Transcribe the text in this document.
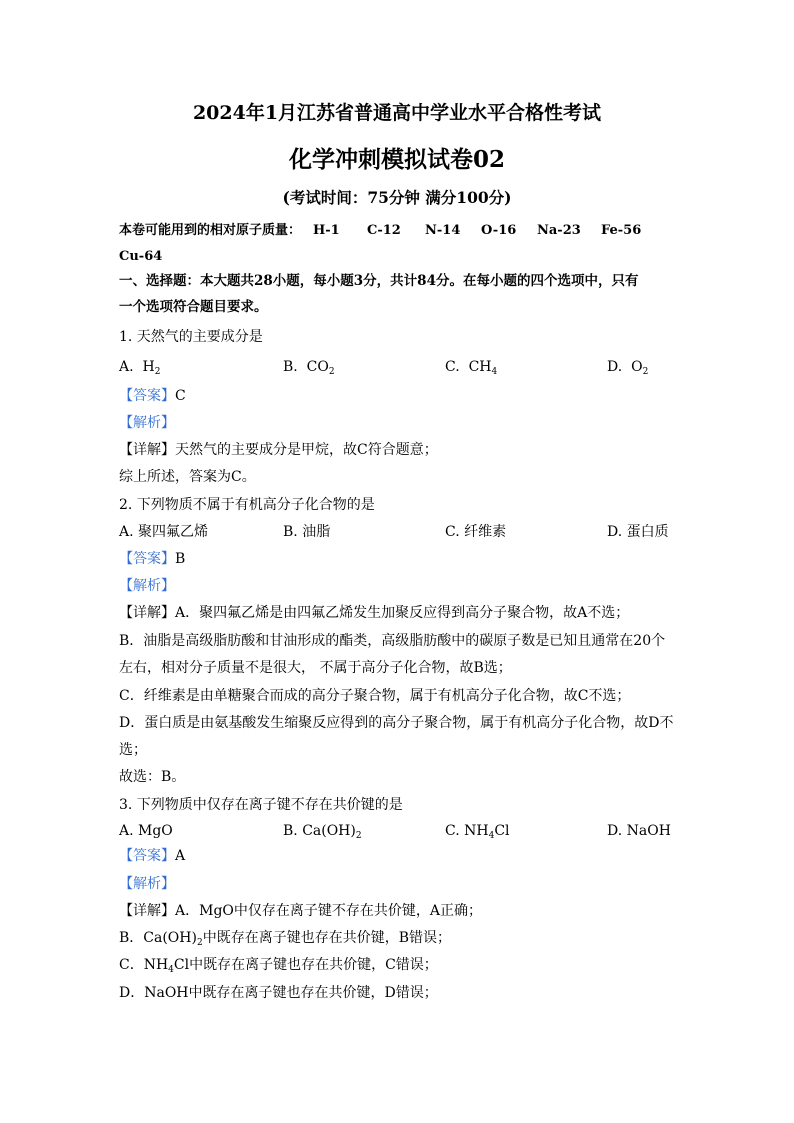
2024年1月江苏省普通高中学业水平合格性考试
化学冲刺模拟试卷02
(考试时间：75分钟 满分100分)
本卷可能用到的相对原子质量： H-1 C-12 N-14 O-16 Na-23 Fe-56
Cu-64
一、选择题：本大题共28小题，每小题3分，共计84分。在每小题的四个选项中，只有
一个选项符合题目要求。
1. 天然气的主要成分是
A. $H_2$	B. $CO_2$	C. $CH_4$	D. $O_2$
【答案】C
【解析】
【详解】天然气的主要成分是甲烷，故C符合题意；
综上所述，答案为C。
2. 下列物质不属于有机高分子化合物的是
A. 聚四氟乙烯	B. 油脂	C. 纤维素	D. 蛋白质
【答案】B
【解析】
【详解】A．聚四氟乙烯是由四氟乙烯发生加聚反应得到高分子聚合物，故A不选；
B．油脂是高级脂肪酸和甘油形成的酯类，高级脂肪酸中的碳原子数是已知且通常在20个
左右，相对分子质量不是很大， 不属于高分子化合物，故B选；
C．纤维素是由单糖聚合而成的高分子聚合物，属于有机高分子化合物，故C不选；
D．蛋白质是由氨基酸发生缩聚反应得到的高分子聚合物，属于有机高分子化合物，故D不
选；
故选：B。
3. 下列物质中仅存在离子键不存在共价键的是
A. MgO	B. $Ca(OH)_2$	C. $NH_4Cl$	D. NaOH
【答案】A
【解析】
【详解】A．MgO中仅存在离子键不存在共价键，A正确；
B．$Ca(OH)_2$中既存在离子键也存在共价键，B错误；
C．$NH_4Cl$中既存在离子键也存在共价键，C错误；
D．NaOH中既存在离子键也存在共价键，D错误；
